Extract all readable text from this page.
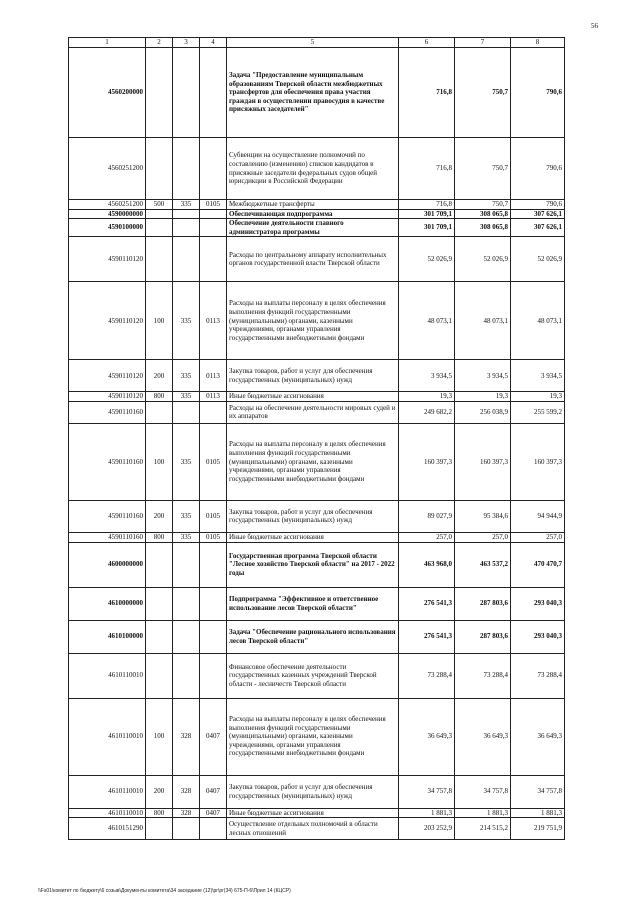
56
1	2	3	4	5	6	7	8
4560200000				Задача "Предоставление муниципальным образованиям Тверской области межбюджетных трансфертов для обеспечения права участия граждан в осуществлении правосудия в качестве присяжных заседателей"	716,8	750,7	790,6
4560251200				Субвенции на осуществление полномочий по составлению (изменению) списков кандидатов в присяжные заседатели федеральных судов общей юрисдикции в Российской Федерации	716,8	750,7	790,6
4560251200	500	335	0105	Межбюджетные трансферты	716,8	750,7	790,6
4590000000				Обеспечивающая подпрограмма	301 709,1	308 065,8	307 626,1
4590100000				Обеспечение деятельности главного администратора программы	301 709,1	308 065,8	307 626,1
4590110120				Расходы по центральному аппарату исполнительных органов государственной власти Тверской области	52 026,9	52 026,9	52 026,9
4590110120	100	335	0113	Расходы на выплаты персоналу в целях обеспечения выполнения функций государственными (муниципальными) органами, казенными учреждениями, органами управления государственными внебюджетными фондами	48 073,1	48 073,1	48 073,1
4590110120	200	335	0113	Закупка товаров, работ и услуг для обеспечения государственных (муниципальных) нужд	3 934,5	3 934,5	3 934,5
4590110120	800	335	0113	Иные бюджетные ассигнования	19,3	19,3	19,3
4590110160				Расходы на обеспечение деятельности мировых судей и их аппаратов	249 682,2	256 038,9	255 599,2
4590110160	100	335	0105	Расходы на выплаты персоналу в целях обеспечения выполнения функций государственными (муниципальными) органами, казенными учреждениями, органами управления государственными внебюджетными фондами	160 397,3	160 397,3	160 397,3
4590110160	200	335	0105	Закупка товаров, работ и услуг для обеспечения государственных (муниципальных) нужд	89 027,9	95 384,6	94 944,9
4590110160	800	335	0105	Иные бюджетные ассигнования	257,0	257,0	257,0
4600000000				Государственная программа Тверской области "Лесное хозяйство Тверской области" на 2017 - 2022 годы	463 968,0	463 537,2	470 470,7
4610000000				Подпрограмма "Эффективное и ответственное использование лесов Тверской области"	276 541,3	287 803,6	293 040,3
4610100000				Задача "Обеспечение рационального использования лесов Тверской области"	276 541,3	287 803,6	293 040,3
4610110010				Финансовое обеспечение деятельности государственных казенных учреждений Тверской области - лесничеств Тверской области	73 288,4	73 288,4	73 288,4
4610110010	100	328	0407	Расходы на выплаты персоналу в целях обеспечения выполнения функций государственными (муниципальными) органами, казенными учреждениями, органами управления государственными внебюджетными фондами	36 649,3	36 649,3	36 649,3
4610110010	200	328	0407	Закупка товаров, работ и услуг для обеспечения государственных (муниципальных) нужд	34 757,8	34 757,8	34 757,8
4610110010	800	328	0407	Иные бюджетные ассигнования	1 881,3	1 881,3	1 881,3
4610151290				Осуществление отдельных полномочий в области лесных отношений	203 252,9	214 515,2	219 751,9
\\Fs01\комитет по бюджету\6 созыв\Документы комитета\34 заседание (12)\pr\pr(34) 675-П-6\Прил 14 (КЦСР)
